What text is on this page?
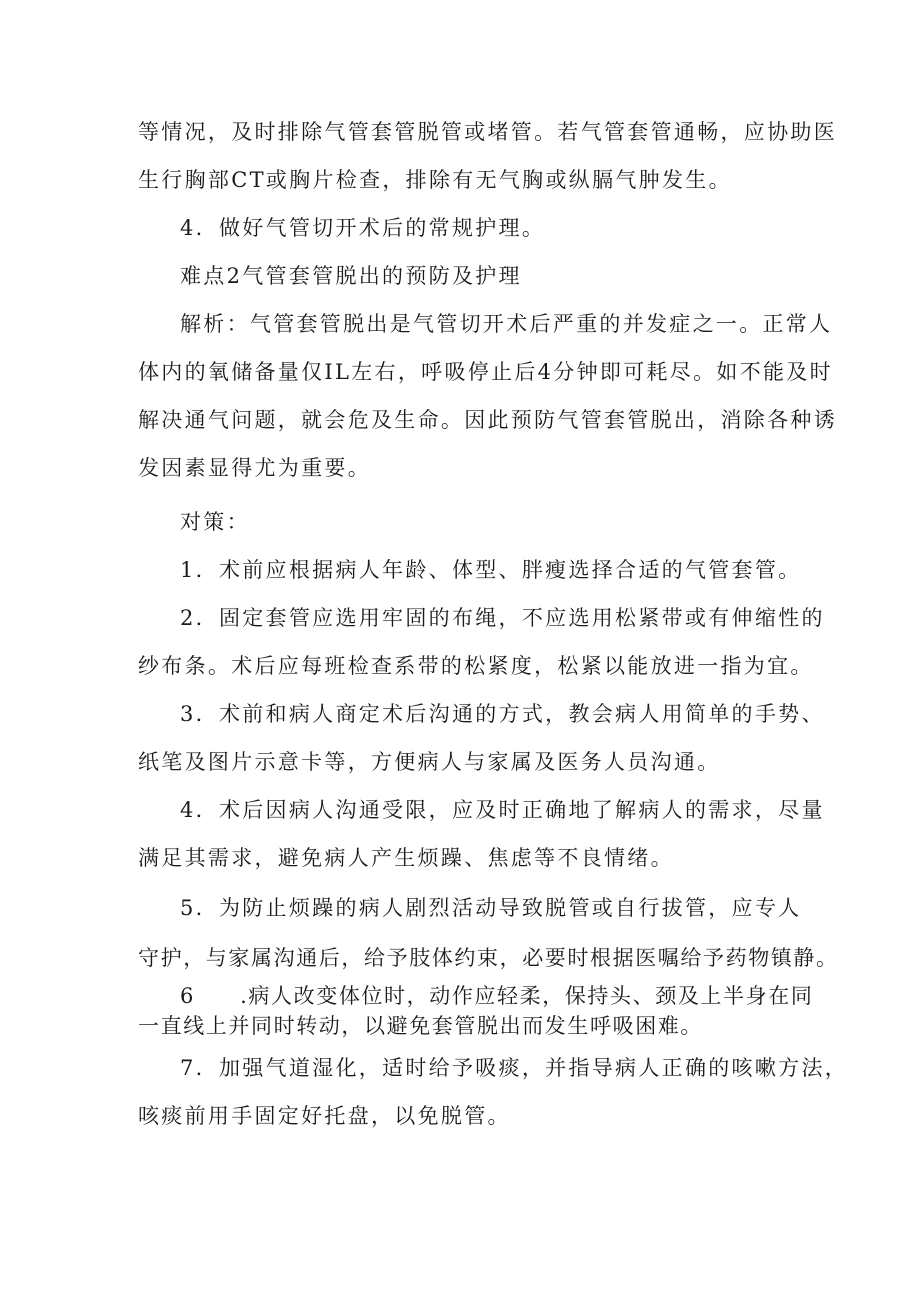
等情况，及时排除气管套管脱管或堵管。若气管套管通畅，应协助医
生行胸部CT或胸片检查，排除有无气胸或纵膈气肿发生。
4．做好气管切开术后的常规护理。
难点2气管套管脱出的预防及护理
解析：气管套管脱出是气管切开术后严重的并发症之一。正常人
体内的氧储备量仅IL左右，呼吸停止后4分钟即可耗尽。如不能及时
解决通气问题，就会危及生命。因此预防气管套管脱出，消除各种诱
发因素显得尤为重要。
对策：
1．术前应根据病人年龄、体型、胖瘦选择合适的气管套管。
2．固定套管应选用牢固的布绳，不应选用松紧带或有伸缩性的
纱布条。术后应每班检查系带的松紧度，松紧以能放进一指为宜。
3．术前和病人商定术后沟通的方式，教会病人用简单的手势、
纸笔及图片示意卡等，方便病人与家属及医务人员沟通。
4．术后因病人沟通受限，应及时正确地了解病人的需求，尽量
满足其需求，避免病人产生烦躁、焦虑等不良情绪。
5．为防止烦躁的病人剧烈活动导致脱管或自行拔管，应专人
守护，与家属沟通后，给予肢体约束，必要时根据医嘱给予药物镇静。
6　　.病人改变体位时，动作应轻柔，保持头、颈及上半身在同
一直线上并同时转动，以避免套管脱出而发生呼吸困难。
7．加强气道湿化，适时给予吸痰，并指导病人正确的咳嗽方法，
咳痰前用手固定好托盘，以免脱管。
